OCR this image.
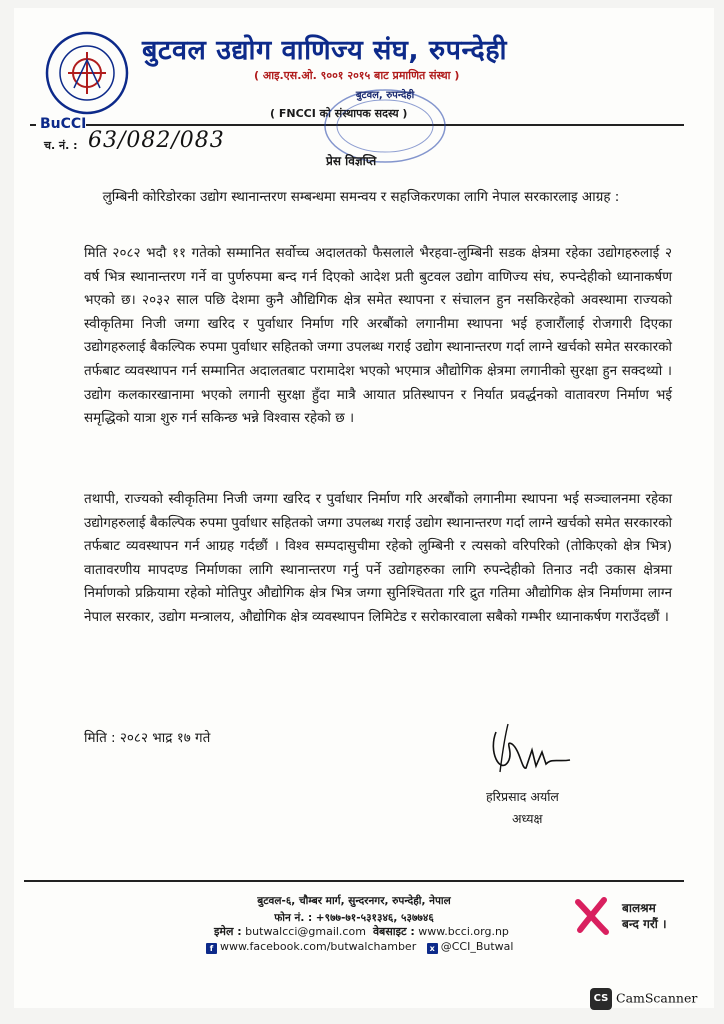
बुटवल उद्योग वाणिज्य संघ, रुपन्देही
( आइ.एस.ओ. ९००१ २०१५ बाट प्रमाणित संस्था )
BuCCI
( FNCCI को संस्थापक सदस्य )
बुटवल, रुपन्देही
च. नं. : 63/082/083
प्रेस विज्ञप्ति
लुम्बिनी कोरिडोरका उद्योग स्थानान्तरण सम्बन्धमा समन्वय र सहजिकरणका लागि नेपाल सरकारलाइ आग्रह :

मिति २०८२ भदौ ११ गतेको सम्मानित सर्वोच्च अदालतको फैसलाले भैरहवा-लुम्बिनी सडक क्षेत्रमा रहेका उद्योगहरुलाई २ वर्ष भित्र स्थानान्तरण गर्ने वा पुर्णरुपमा बन्द गर्न दिएको आदेश प्रती बुटवल उद्योग वाणिज्य संघ, रुपन्देहीको ध्यानाकर्षण भएको छ। २०३२ साल पछि देशमा कुनै औद्यिगिक क्षेत्र समेत स्थापना र संचालन हुन नसकिरहेको अवस्थामा राज्यको स्वीकृतिमा निजी जग्गा खरिद र पुर्वाधार निर्माण गरि अरबौंको लगानीमा स्थापना भई हजारौंलाई रोजगारी दिएका उद्योगहरुलाई बैकल्पिक रुपमा पुर्वाधार सहितको जग्गा उपलब्ध गराई उद्योग स्थानान्तरण गर्दा लाग्ने खर्चको समेत सरकारको तर्फबाट व्यवस्थापन गर्न सम्मानित अदालतबाट परामादेश भएको भएमात्र औद्योगिक क्षेत्रमा लगानीको सुरक्षा हुन सक्दथ्यो । उद्योग कलकारखानामा भएको लगानी सुरक्षा हुँदा मात्रै आयात प्रतिस्थापन र निर्यात प्रवर्द्धनको वातावरण निर्माण भई समृद्धिको यात्रा शुरु गर्न सकिन्छ भन्ने विश्वास रहेको छ ।

तथापी, राज्यको स्वीकृतिमा निजी जग्गा खरिद र पुर्वाधार निर्माण गरि अरबौंको लगानीमा स्थापना भई सञ्चालनमा रहेका उद्योगहरुलाई बैकल्पिक रुपमा पुर्वाधार सहितको जग्गा उपलब्ध गराई उद्योग स्थानान्तरण गर्दा लाग्ने खर्चको समेत सरकारको तर्फबाट व्यवस्थापन गर्न आग्रह गर्दछौं । विश्व सम्पदासुचीमा रहेको लुम्बिनी र त्यसको वरिपरिको (तोकिएको क्षेत्र भित्र) वातावरणीय मापदण्ड निर्माणका लागि स्थानान्तरण गर्नु पर्ने उद्योगहरुका लागि रुपन्देहीको तिनाउ नदी उकास क्षेत्रमा निर्माणको प्रक्रियामा रहेको मोतिपुर औद्योगिक क्षेत्र भित्र जग्गा सुनिश्चितता गरि द्रुत गतिमा औद्योगिक क्षेत्र निर्माणमा लाग्न नेपाल सरकार, उद्योग मन्त्रालय, औद्योगिक क्षेत्र व्यवस्थापन लिमिटेड र सरोकारवाला सबैको गम्भीर ध्यानाकर्षण गराउँदछौं ।

मिति : २०८२ भाद्र १७ गते
हरिप्रसाद अर्याल
अध्यक्ष
बुटवल-६, चौम्बर मार्ग, सुन्दरनगर, रुपन्देही, नेपाल
फोन नं. : +९७७-७१-५३१३४६, ५३७७४६
इमेल : butwalcci@gmail.com वेबसाइट : www.bcci.org.np
f www.facebook.com/butwalchamber x @CCI_Butwal
बालश्रम
बन्द गरौं ।
CS CamScanner
